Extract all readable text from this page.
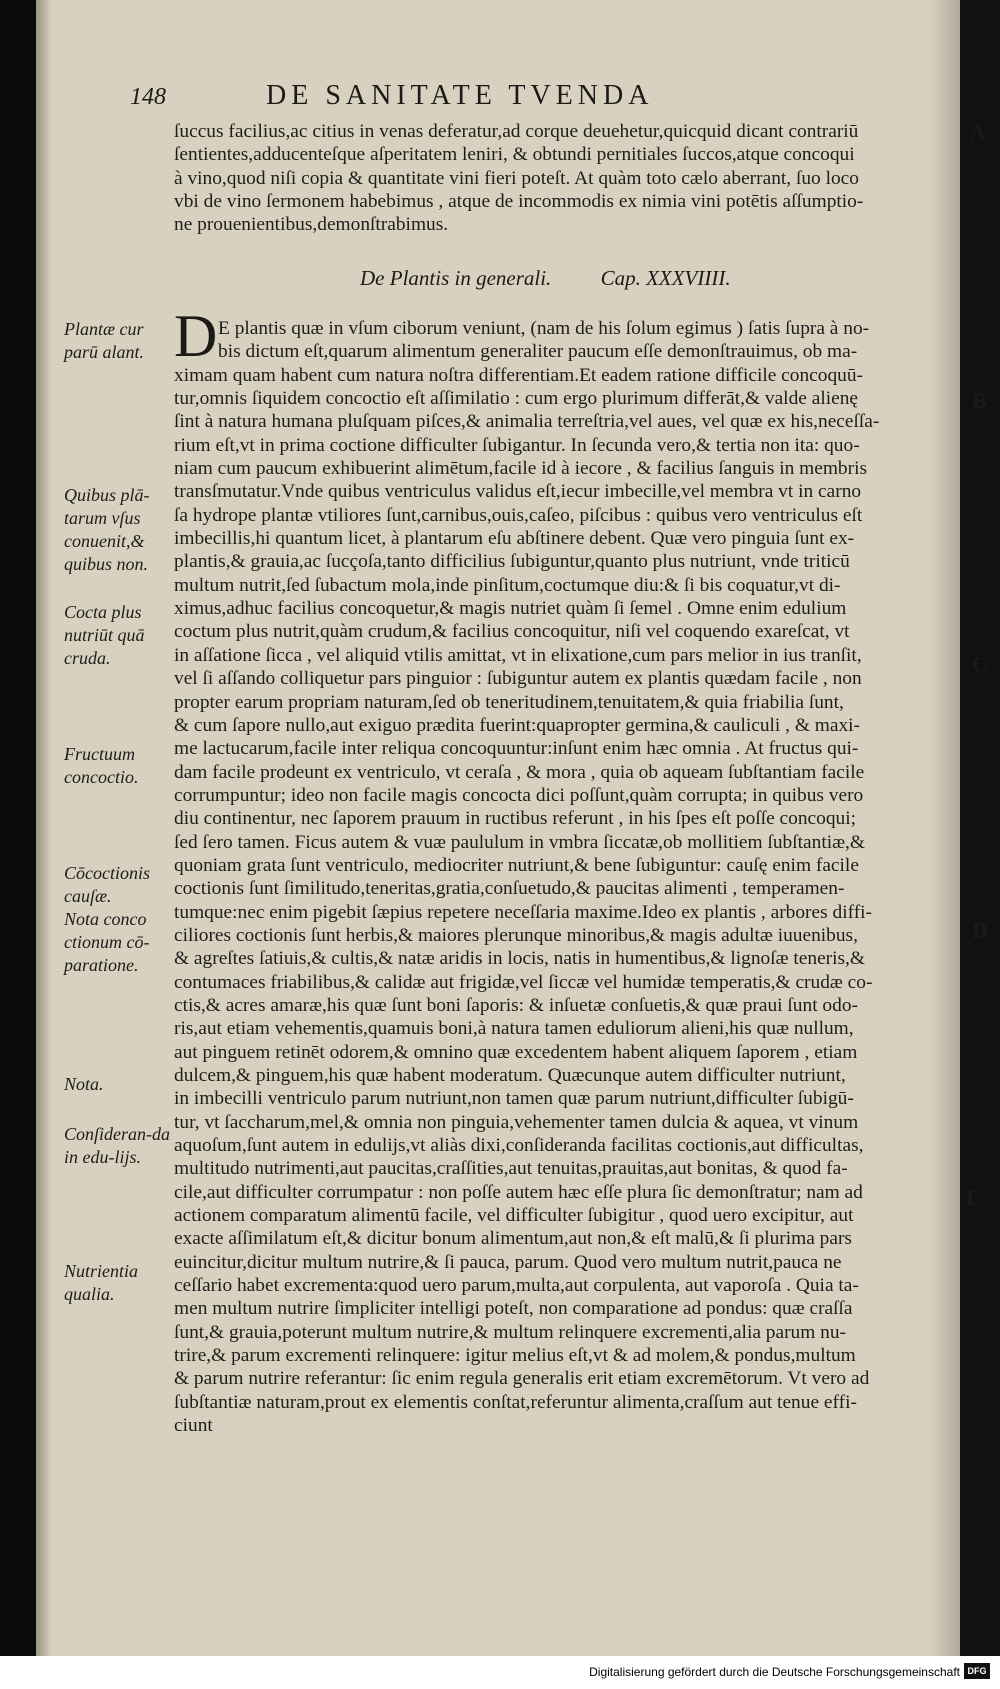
148	DE SANITATE TVENDA
ſuccus facilius,ac citius in venas deferatur,ad corque deuehetur,quicquid dicant contrariū
ſentientes,adducenteſque aſperitatem leniri, & obtundi pernitiales ſuccos,atque concoqui
à vino,quod niſi copia & quantitate vini fieri poteſt. At quàm toto cælo aberrant, ſuo loco
vbi de vino ſermonem habebimus , atque de incommodis ex nimia vini potētis aſſumptio-
ne prouenientibus,demonſtrabimus.
De Plantis in generali. Cap. XXXVIIII.
D E plantis quæ in vſum ciborum veniunt, (nam de his ſolum egimus ) ſatis ſupra à no-
bis dictum eſt,quarum alimentum generaliter paucum eſſe demonſtrauimus, ob ma-
ximam quam habent cum natura noſtra differentiam.Et eadem ratione difficile concoquū-
tur,omnis ſiquidem concoctio eſt aſſimilatio : cum ergo plurimum differāt,& valde alienę
ſint à natura humana pluſquam piſces,& animalia terreſtria,vel aues, vel quæ ex his,neceſſa-
rium eſt,vt in prima coctione difficulter ſubigantur. In ſecunda vero,& tertia non ita: quo-
niam cum paucum exhibuerint alimētum,facile id à iecore , & facilius ſanguis in membris
transſmutatur.Vnde quibus ventriculus validus eſt,iecur imbecille,vel membra vt in carno
ſa hydrope plantæ vtiliores ſunt,carnibus,ouis,caſeo, piſcibus : quibus vero ventriculus eſt
imbecillis,hi quantum licet, à plantarum eſu abſtinere debent. Quæ vero pinguia ſunt ex-
plantis,& grauia,ac ſucçoſa,tanto difficilius ſubiguntur,quanto plus nutriunt, vnde triticū
multum nutrit,ſed ſubactum mola,inde pinſitum,coctumque diu:& ſi bis coquatur,vt di-
ximus,adhuc facilius concoquetur,& magis nutriet quàm ſi ſemel . Omne enim edulium
coctum plus nutrit,quàm crudum,& facilius concoquitur, niſi vel coquendo exareſcat, vt
in aſſatione ſicca , vel aliquid vtilis amittat, vt in elixatione,cum pars melior in ius tranſit,
vel ſi aſſando colliquetur pars pinguior : ſubiguntur autem ex plantis quædam facile , non
propter earum propriam naturam,ſed ob teneritudinem,tenuitatem,& quia friabilia ſunt,
& cum ſapore nullo,aut exiguo prædita fuerint:quapropter germina,& cauliculi , & maxi-
me lactucarum,facile inter reliqua concoquuntur:inſunt enim hæc omnia . At fructus qui-
dam facile prodeunt ex ventriculo, vt ceraſa , & mora , quia ob aqueam ſubſtantiam facile
corrumpuntur; ideo non facile magis concocta dici poſſunt,quàm corrupta; in quibus vero
diu continentur, nec ſaporem prauum in ructibus referunt , in his ſpes eſt poſſe concoqui;
ſed ſero tamen. Ficus autem & vuæ paululum in vmbra ſiccatæ,ob mollitiem ſubſtantiæ,&
quoniam grata ſunt ventriculo, mediocriter nutriunt,& bene ſubiguntur: cauſę enim facile
coctionis ſunt ſimilitudo,teneritas,gratia,conſuetudo,& paucitas alimenti , temperamen-
tumque:nec enim pigebit ſæpius repetere neceſſaria maxime.Ideo ex plantis , arbores diffi-
ciliores coctionis ſunt herbis,& maiores plerunque minoribus,& magis adultæ iuuenibus,
& agreſtes ſatiuis,& cultis,& natæ aridis in locis, natis in humentibus,& lignoſæ teneris,&
contumaces friabilibus,& calidæ aut frigidæ,vel ſiccæ vel humidæ temperatis,& crudæ co-
ctis,& acres amaræ,his quæ ſunt boni ſaporis: & inſuetæ conſuetis,& quæ praui ſunt odo-
ris,aut etiam vehementis,quamuis boni,à natura tamen eduliorum alieni,his quæ nullum,
aut pinguem retinēt odorem,& omnino quæ excedentem habent aliquem ſaporem , etiam
dulcem,& pinguem,his quæ habent moderatum. Quæcunque autem difficulter nutriunt,
in imbecilli ventriculo parum nutriunt,non tamen quæ parum nutriunt,difficulter ſubigū-
tur, vt ſaccharum,mel,& omnia non pinguia,vehementer tamen dulcia & aquea, vt vinum
aquoſum,ſunt autem in edulijs,vt aliàs dixi,conſideranda facilitas coctionis,aut difficultas,
multitudo nutrimenti,aut paucitas,craſſities,aut tenuitas,prauitas,aut bonitas, & quod fa-
cile,aut difficulter corrumpatur : non poſſe autem hæc eſſe plura ſic demonſtratur; nam ad
actionem comparatum alimentū facile, vel difficulter ſubigitur , quod uero excipitur, aut
exacte aſſimilatum eſt,& dicitur bonum alimentum,aut non,& eſt malū,& ſi plurima pars
euincitur,dicitur multum nutrire,& ſi pauca, parum. Quod vero multum nutrit,pauca ne
ceſſario habet excrementa:quod uero parum,multa,aut corpulenta, aut vaporoſa . Quia ta-
men multum nutrire ſimpliciter intelligi poteſt, non comparatione ad pondus: quæ craſſa
ſunt,& grauia,poterunt multum nutrire,& multum relinquere excrementi,alia parum nu-
trire,& parum excrementi relinquere: igitur melius eſt,vt & ad molem,& pondus,multum
& parum nutrire referantur: ſic enim regula generalis erit etiam excremētorum. Vt vero ad
ſubſtantiæ naturam,prout ex elementis conſtat,referuntur alimenta,craſſum aut tenue effi-
ciunt
Plantæ cur parū alant.
Quibus plā-tarum vſus conuenit,& quibus non.
Cocta plus nutriūt quā cruda.
Fructuum concoctio.
Cōcoctionis cauſæ.
Nota conco ctionum cō-paratione.
Nota.
Conſideran-da in edu-lijs.
Nutrientia qualia.
A
B
C
D
E
Digitalisierung gefördert durch die Deutsche Forschungsgemeinschaft DFG
